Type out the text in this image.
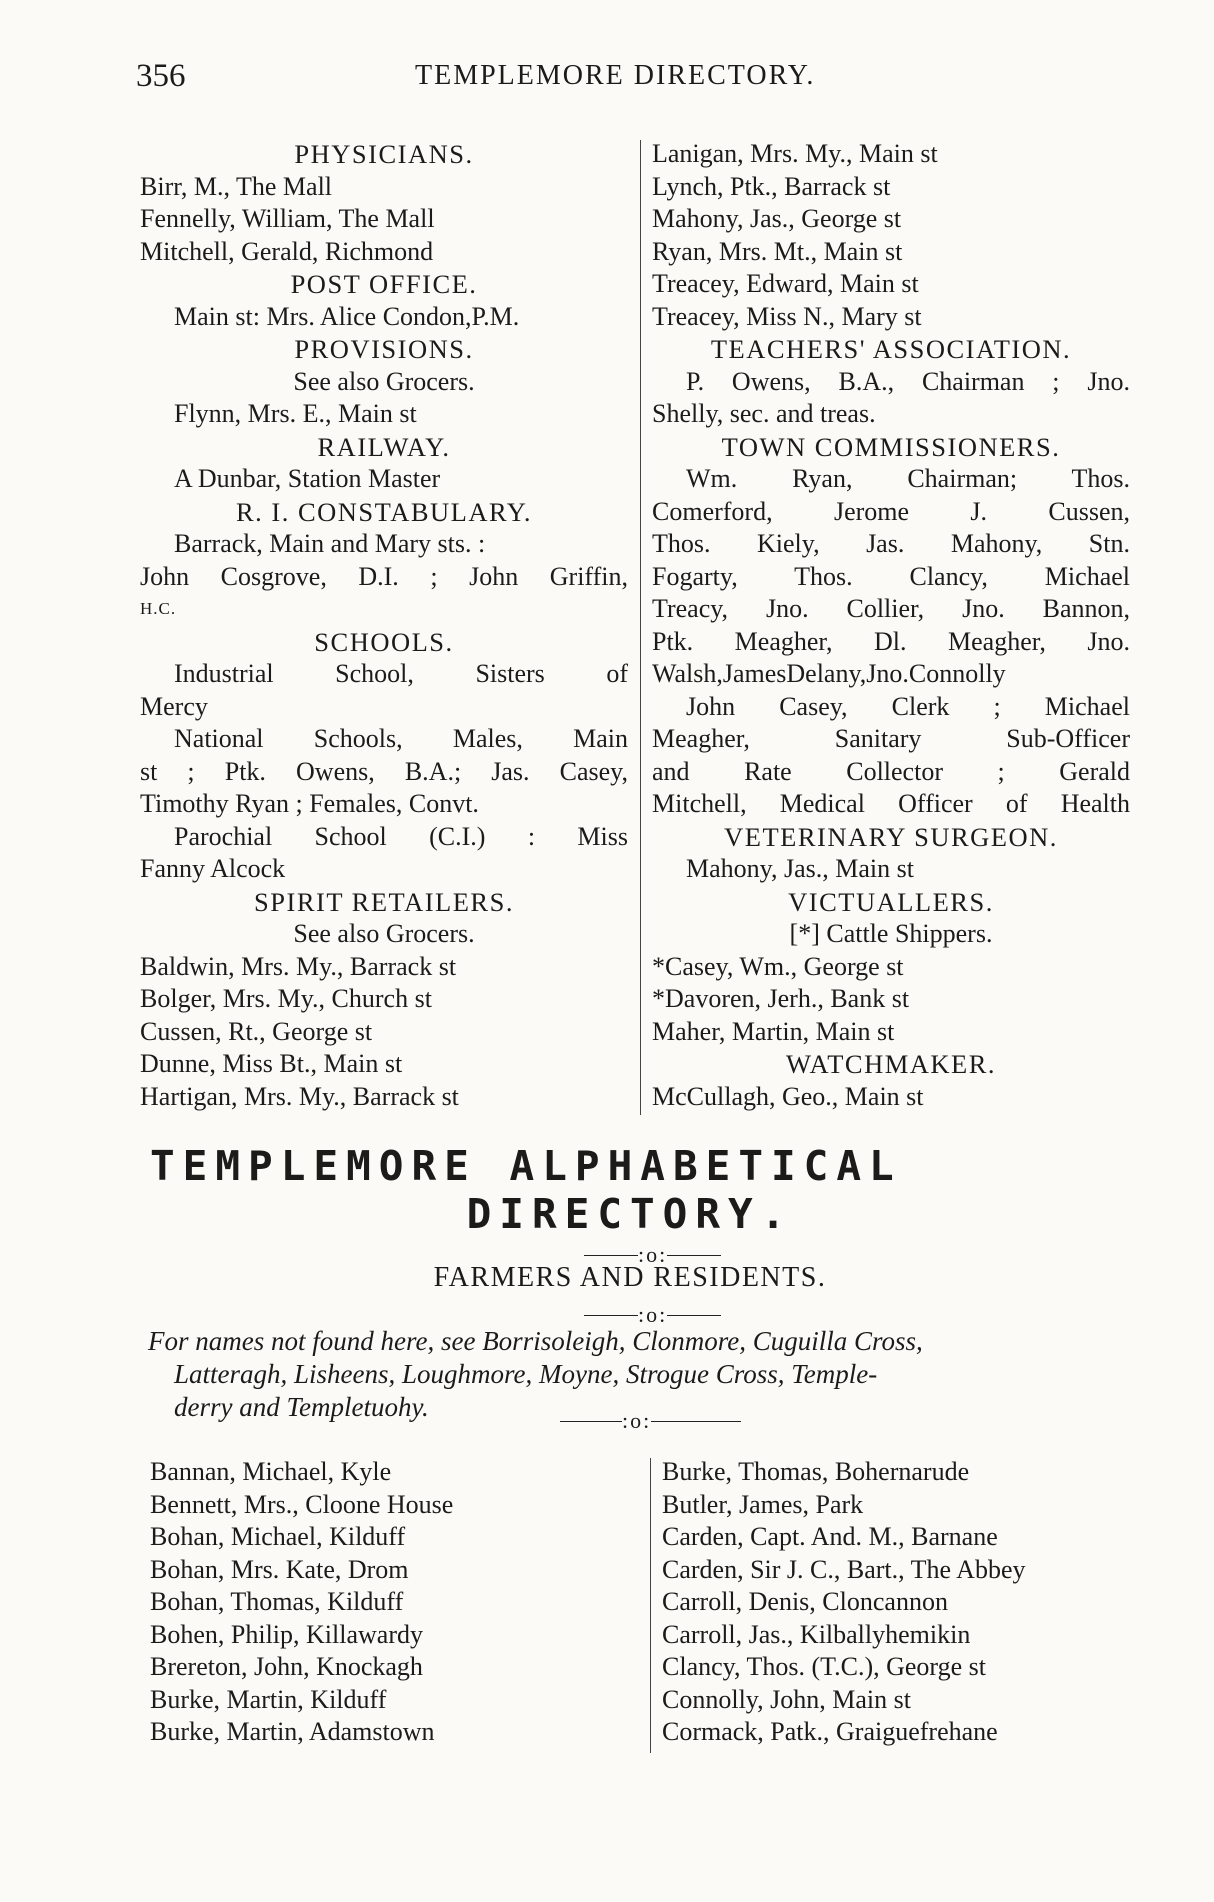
356	TEMPLEMORE DIRECTORY.
PHYSICIANS.
Birr, M., The Mall
Fennelly, William, The Mall
Mitchell, Gerald, Richmond
POST OFFICE.
Main st: Mrs. Alice Condon,P.M.
PROVISIONS.
See also Grocers.
Flynn, Mrs. E., Main st
RAILWAY.
A Dunbar, Station Master
R. I. CONSTABULARY.
Barrack, Main and Mary sts. :
John Cosgrove, D.I. ; John Griffin,
H.C.
SCHOOLS.
Industrial School, Sisters of
Mercy
National Schools, Males, Main
st ; Ptk. Owens, B.A.; Jas. Casey,
Timothy Ryan ; Females, Convt.
Parochial School (C.I.) : Miss
Fanny Alcock
SPIRIT RETAILERS.
See also Grocers.
Baldwin, Mrs. My., Barrack st
Bolger, Mrs. My., Church st
Cussen, Rt., George st
Dunne, Miss Bt., Main st
Hartigan, Mrs. My., Barrack st
Lanigan, Mrs. My., Main st
Lynch, Ptk., Barrack st
Mahony, Jas., George st
Ryan, Mrs. Mt., Main st
Treacey, Edward, Main st
Treacey, Miss N., Mary st
TEACHERS' ASSOCIATION.
P. Owens, B.A., Chairman ; Jno.
Shelly, sec. and treas.
TOWN COMMISSIONERS.
Wm. Ryan, Chairman; Thos.
Comerford, Jerome J. Cussen,
Thos. Kiely, Jas. Mahony, Stn.
Fogarty, Thos. Clancy, Michael
Treacy, Jno. Collier, Jno. Bannon,
Ptk. Meagher, Dl. Meagher, Jno.
Walsh,JamesDelany,Jno.Connolly
John Casey, Clerk ; Michael
Meagher, Sanitary Sub-Officer
and Rate Collector ; Gerald
Mitchell, Medical Officer of Health
VETERINARY SURGEON.
Mahony, Jas., Main st
VICTUALLERS.
[*] Cattle Shippers.
*Casey, Wm., George st
*Davoren, Jerh., Bank st
Maher, Martin, Main st
WATCHMAKER.
McCullagh, Geo., Main st
TEMPLEMORE ALPHABETICAL
DIRECTORY.
:o:
FARMERS AND RESIDENTS.
:o:
For names not found here, see Borrisoleigh, Clonmore, Cuguilla Cross,
Latteragh, Lisheens, Loughmore, Moyne, Strogue Cross, Temple-
derry and Templetuohy.	:o:
Bannan, Michael, Kyle
Bennett, Mrs., Cloone House
Bohan, Michael, Kilduff
Bohan, Mrs. Kate, Drom
Bohan, Thomas, Kilduff
Bohen, Philip, Killawardy
Brereton, John, Knockagh
Burke, Martin, Kilduff
Burke, Martin, Adamstown
Burke, Thomas, Bohernarude
Butler, James, Park
Carden, Capt. And. M., Barnane
Carden, Sir J. C., Bart., The Abbey
Carroll, Denis, Cloncannon
Carroll, Jas., Kilballyhemikin
Clancy, Thos. (T.C.), George st
Connolly, John, Main st
Cormack, Patk., Graiguefrehane
